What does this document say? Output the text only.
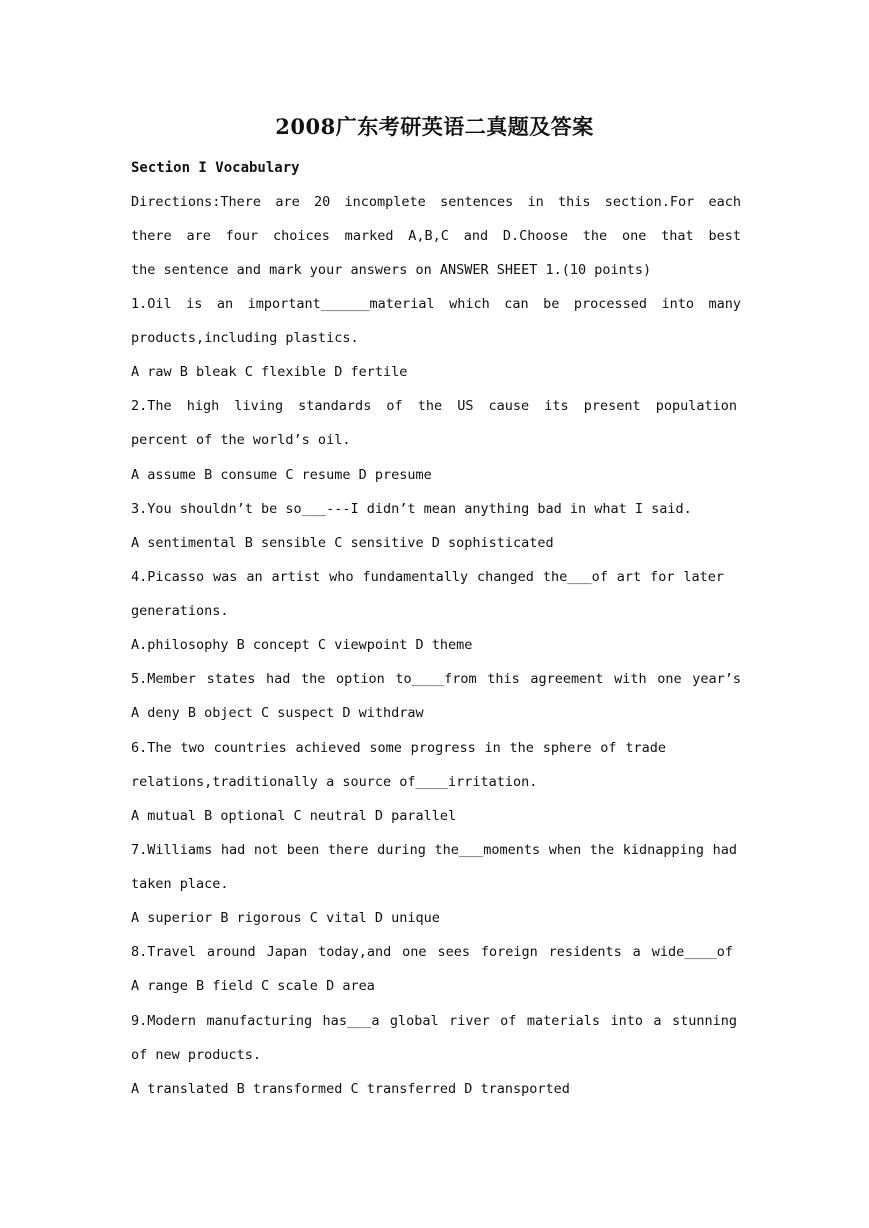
2008广东考研英语二真题及答案
Section I Vocabulary
Directions:There are 20 incomplete sentences in this section.For each
there are four choices marked A,B,C and D.Choose the one that best
the sentence and mark your answers on ANSWER SHEET 1.(10 points)
1.Oil is an important______material which can be processed into many
products,including plastics.
A raw B bleak C flexible D fertile
2.The high living standards of the US cause its present population
percent of the world’s oil.
A assume B consume C resume D presume
3.You shouldn’t be so___---I didn’t mean anything bad in what I said.
A sentimental B sensible C sensitive D sophisticated
4.Picasso was an artist who fundamentally changed the___of art for later
generations.
A.philosophy B concept C viewpoint D theme
5.Member states had the option to____from this agreement with one year’s
A deny B object C suspect D withdraw
6.The two countries achieved some progress in the sphere of trade
relations,traditionally a source of____irritation.
A mutual B optional C neutral D parallel
7.Williams had not been there during the___moments when the kidnapping had
taken place.
A superior B rigorous C vital D unique
8.Travel around Japan today,and one sees foreign residents a wide____of
A range B field C scale D area
9.Modern manufacturing has___a global river of materials into a stunning
of new products.
A translated B transformed C transferred D transported
